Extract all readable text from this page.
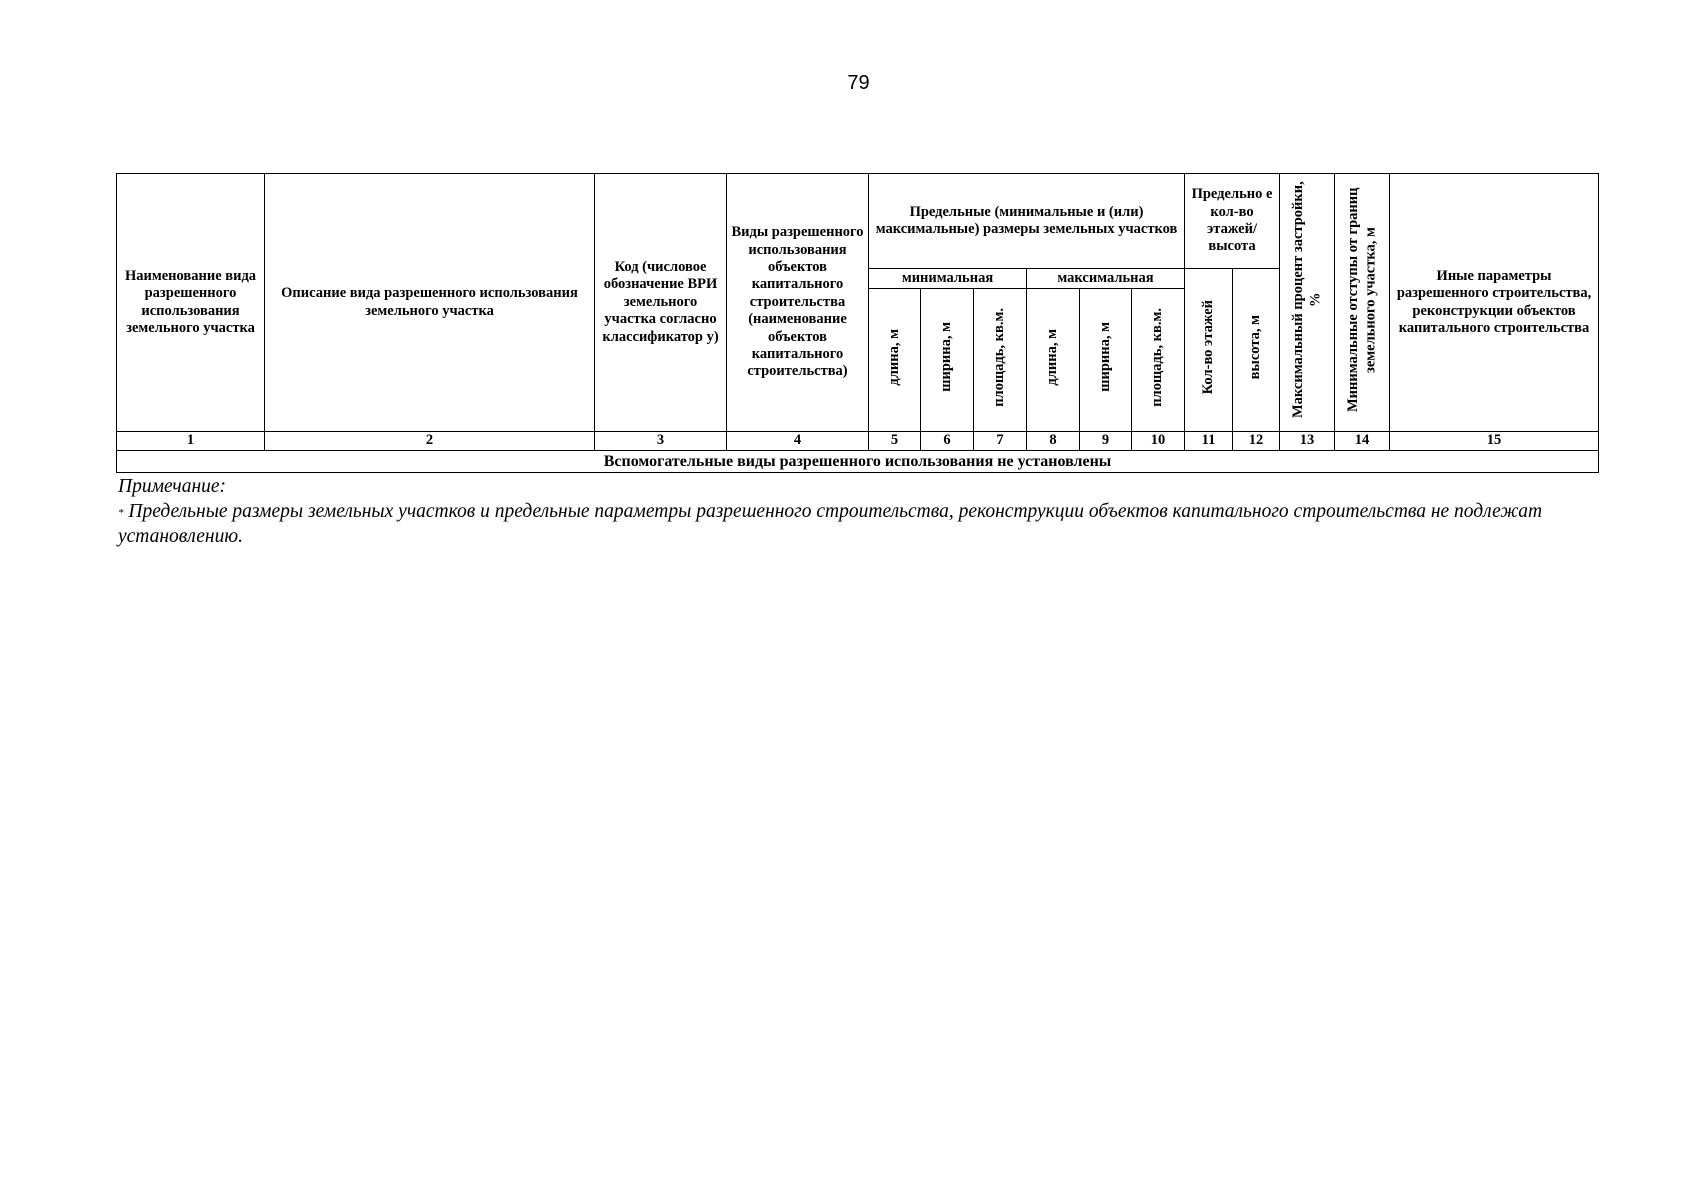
79
Наименование вида разрешенного использования земельного участка	Описание вида разрешенного использования земельного участка	Код (числовое обозначение ВРИ земельного участка согласно классификатор у)	Виды разрешенного использования объектов капитального строительства (наименование объектов капитального строительства)	Предельные (минимальные и (или) максимальные) размеры земельных участков						Предельно е кол-во этажей/ высота		Максимальный процент застройки, %	Минимальные отступы от границ земельного участка, м	Иные параметры разрешенного строительства, реконструкции объектов капитального строительства
				минимальная			максимальная			Кол-во этажей	высота, м			
				длина, м	ширина, м	площадь, кв.м.	длина, м	ширина, м	площадь, кв.м.					
1	2	3	4	5	6	7	8	9	10	11	12	13	14	15
Вспомогательные виды разрешенного использования не установлены														
Примечание:
* Предельные размеры земельных участков и предельные параметры разрешенного строительства, реконструкции объектов капитального строительства не подлежат установлению.
